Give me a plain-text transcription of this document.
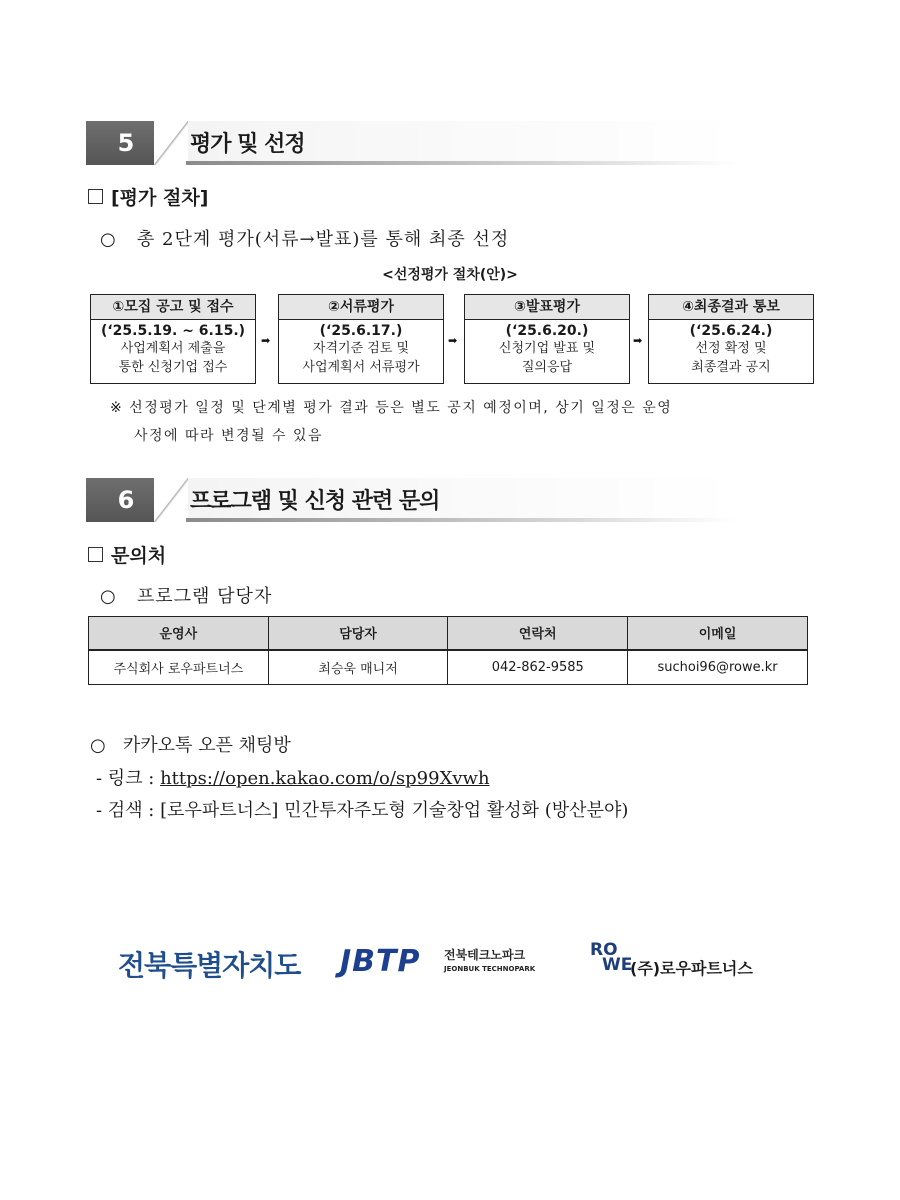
5	평가 및 선정
[평가 절차]
○ 총 2단계 평가(서류→발표)를 통해 최종 선정
<선정평가 절차(안)>
①모집 공고 및 접수
(‘25.5.19. ~ 6.15.)
사업계획서 제출을
통한 신청기업 접수
➡
②서류평가
(‘25.6.17.)
자격기준 검토 및
사업계획서 서류평가
➡
③발표평가
(‘25.6.20.)
신청기업 발표 및
질의응답
➡
④최종결과 통보
(‘25.6.24.)
선정 확정 및
최종결과 공지
※ 선정평가 일정 및 단계별 평가 결과 등은 별도 공지 예정이며, 상기 일정은 운영
사정에 따라 변경될 수 있음
6	프로그램 및 신청 관련 문의
문의처
○ 프로그램 담당자
운영사	담당자	연락처	이메일
주식회사 로우파트너스	최승욱 매니저	042-862-9585	suchoi96@rowe.kr
○ 카카오톡 오픈 채팅방
- 링크 : https://open.kakao.com/o/sp99Xvwh
- 검색 : [로우파트너스] 민간투자주도형 기술창업 활성화 (방산분야)
전북특별자치도 JBTP 전북테크노파크
JEONBUK TECHNOPARK
RO
WE
(주)로우파트너스
